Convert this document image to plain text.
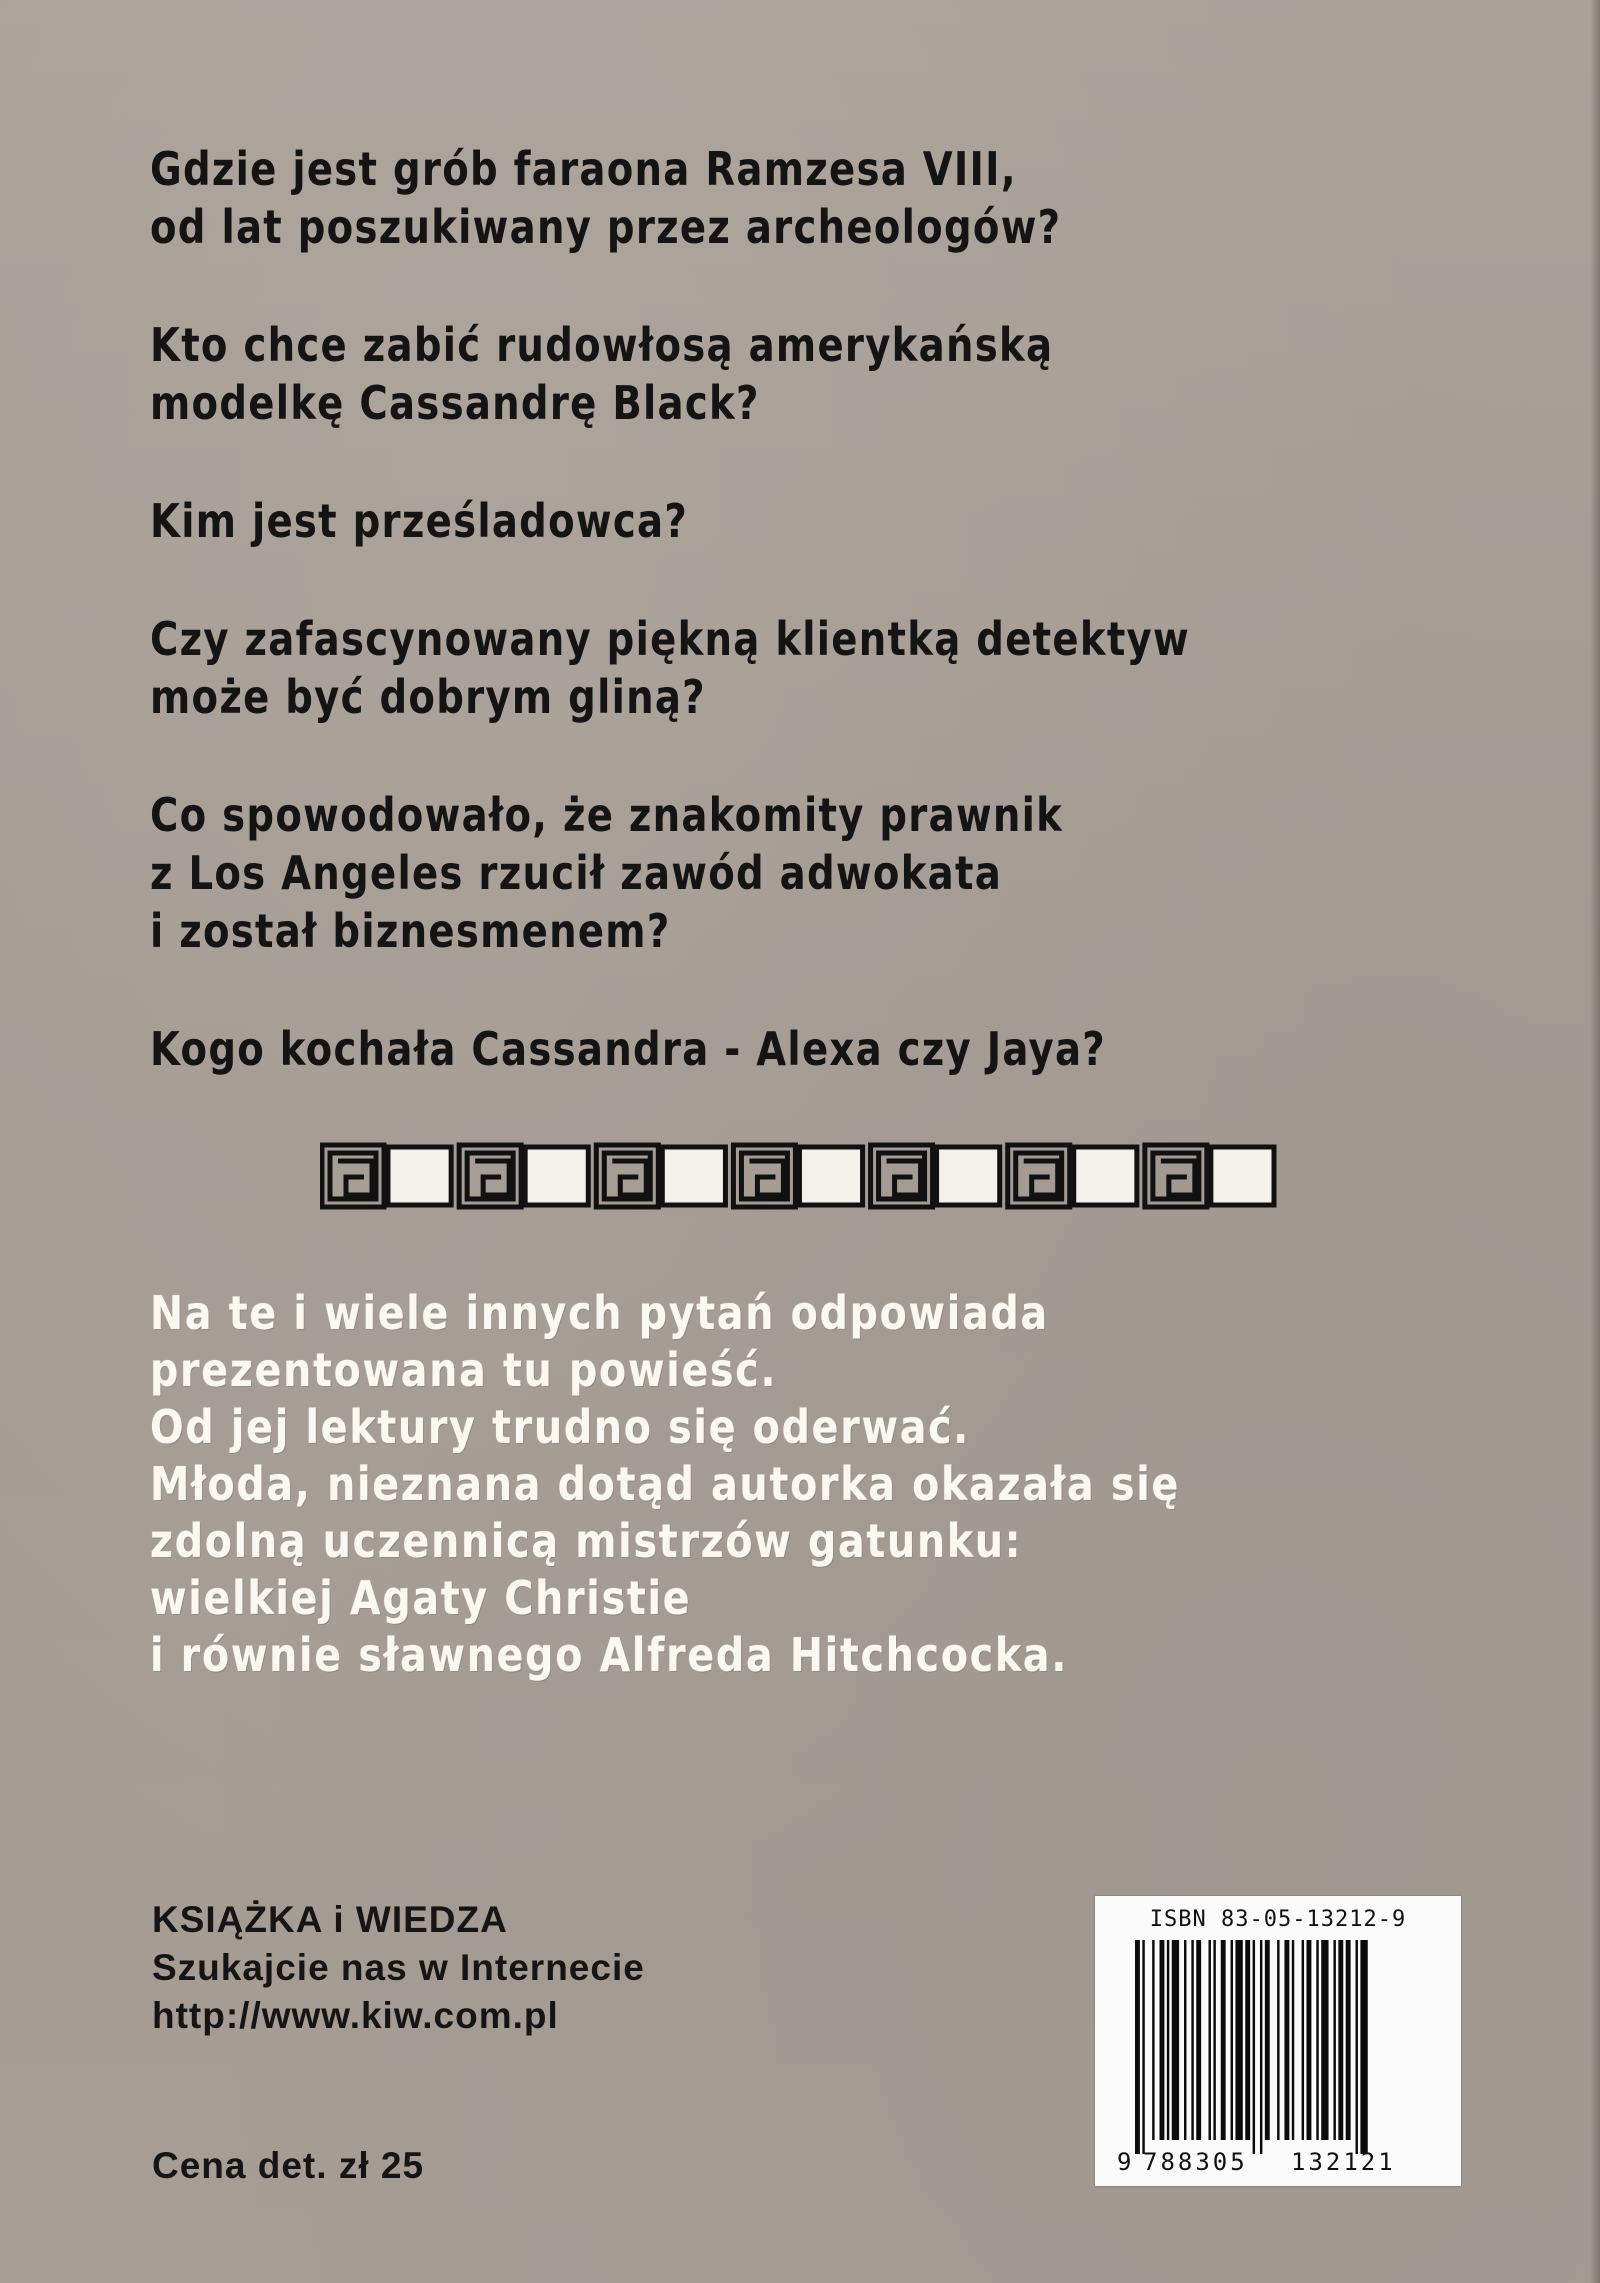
Gdzie jest grób faraona Ramzesa VIII,
od lat poszukiwany przez archeologów?
Kto chce zabić rudowłosą amerykańską
modelkę Cassandrę Black?
Kim jest prześladowca?
Czy zafascynowany piękną klientką detektyw
może być dobrym gliną?
Co spowodowało, że znakomity prawnik
z Los Angeles rzucił zawód adwokata
i został biznesmenem?
Kogo kochała Cassandra - Alexa czy Jaya?
Na te i wiele innych pytań odpowiada
prezentowana tu powieść.
Od jej lektury trudno się oderwać.
Młoda, nieznana dotąd autorka okazała się
zdolną uczennicą mistrzów gatunku:
wielkiej Agaty Christie
i równie sławnego Alfreda Hitchcocka.
KSIĄŻKA i WIEDZA
Szukajcie nas w Internecie
http://www.kiw.com.pl
Cena det. zł 25
ISBN 83-05-13212-9
9 788305 132121
